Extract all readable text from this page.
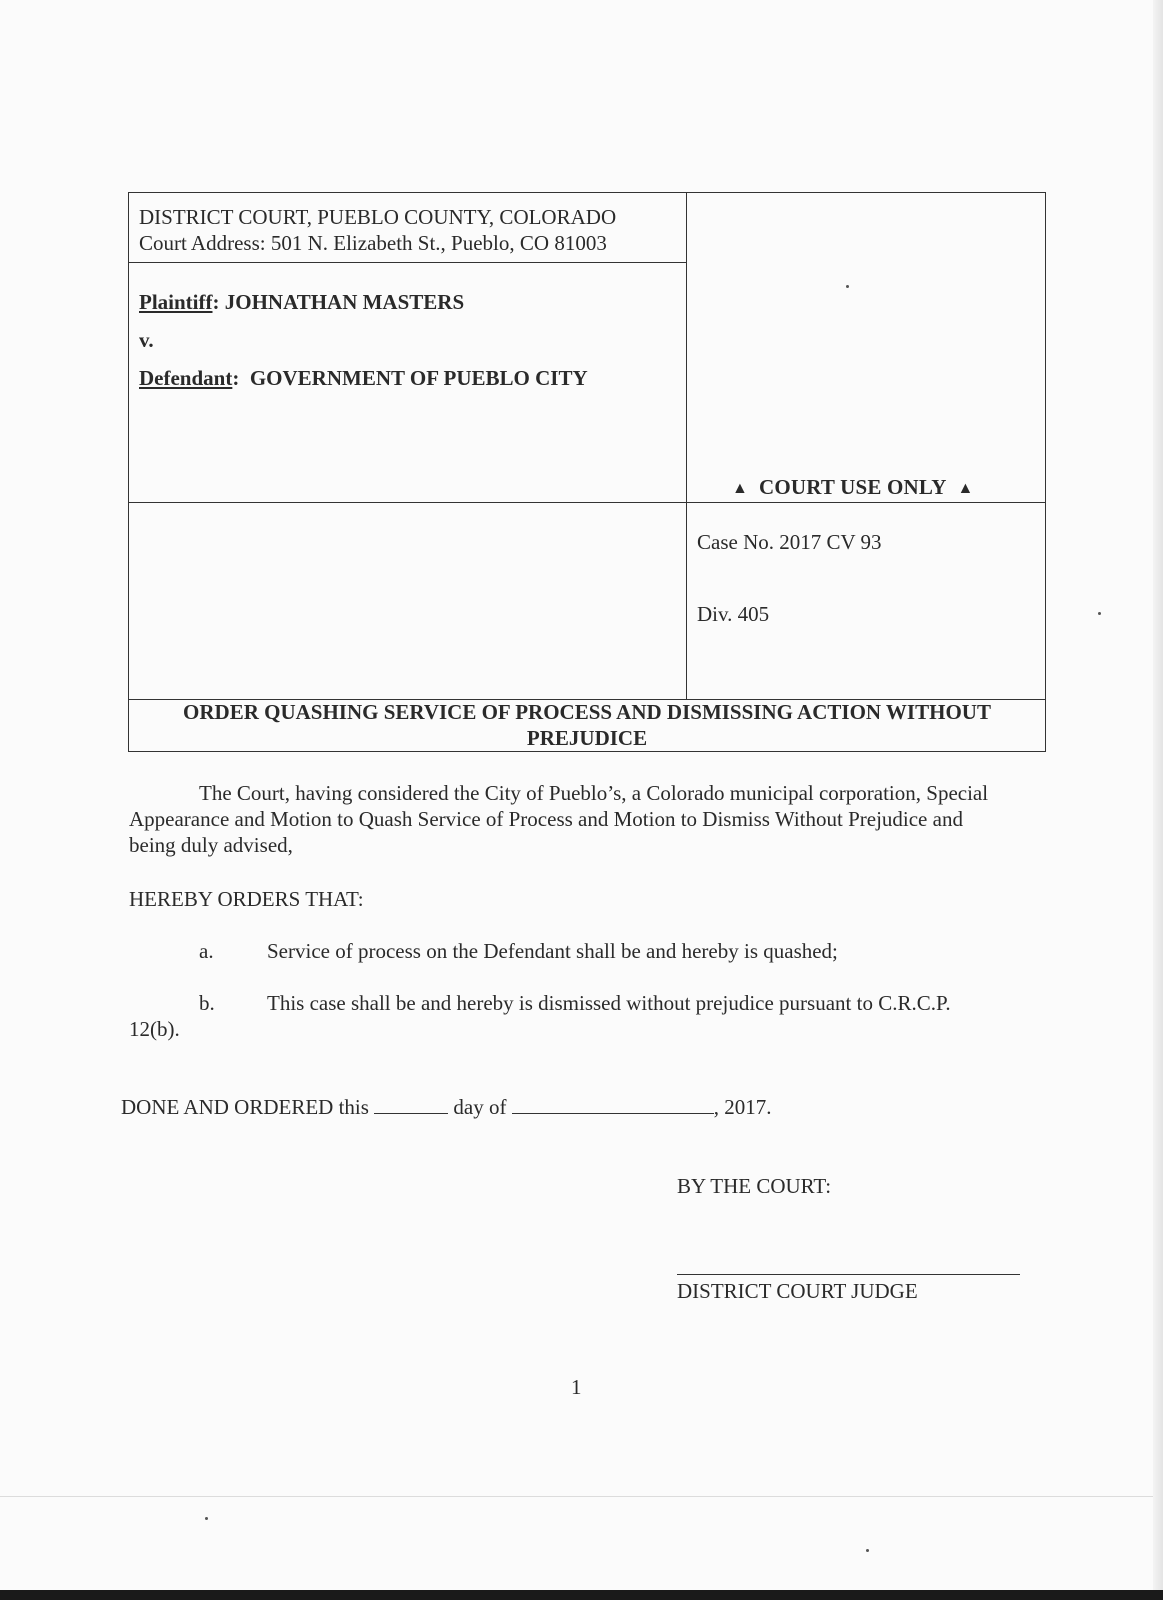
DISTRICT COURT, PUEBLO COUNTY, COLORADO
Court Address: 501 N. Elizabeth St., Pueblo, CO 81003
Plaintiff: JOHNATHAN MASTERS
v.
Defendant:  GOVERNMENT OF PUEBLO CITY
▲ COURT USE ONLY ▲
Case No. 2017 CV 93
Div. 405
ORDER QUASHING SERVICE OF PROCESS AND DISMISSING ACTION WITHOUT PREJUDICE
The Court, having considered the City of Pueblo’s, a Colorado municipal corporation, Special Appearance and Motion to Quash Service of Process and Motion to Dismiss Without Prejudice and being duly advised,
HEREBY ORDERS THAT:
a.	Service of process on the Defendant shall be and hereby is quashed;
b. This case shall be and hereby is dismissed without prejudice pursuant to C.R.C.P.
12(b).
DONE AND ORDERED this	day of	, 2017.
BY THE COURT:
DISTRICT COURT JUDGE
1
